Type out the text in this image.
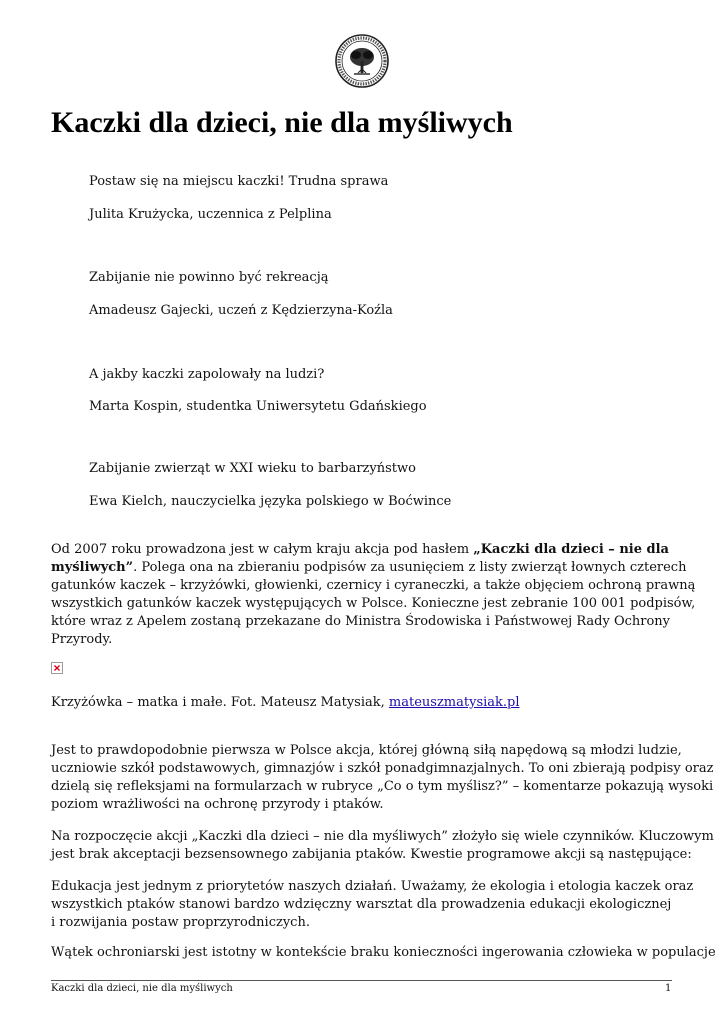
Kaczki dla dzieci, nie dla myśliwych

Postaw się na miejscu kaczki! Trudna sprawa

Julita Krużycka, uczennica z Pelplina

Zabijanie nie powinno być rekreacją

Amadeusz Gajecki, uczeń z Kędzierzyna-Koźla

A jakby kaczki zapolowały na ludzi?

Marta Kospin, studentka Uniwersytetu Gdańskiego

Zabijanie zwierząt w XXI wieku to barbarzyństwo

Ewa Kielch, nauczycielka języka polskiego w Boćwince

Od 2007 roku prowadzona jest w całym kraju akcja pod hasłem „Kaczki dla dzieci – nie dla
myśliwych”. Polega ona na zbieraniu podpisów za usunięciem z listy zwierząt łownych czterech
gatunków kaczek – krzyżówki, głowienki, czernicy i cyraneczki, a także objęciem ochroną prawną
wszystkich gatunków kaczek występujących w Polsce. Konieczne jest zebranie 100 001 podpisów,
które wraz z Apelem zostaną przekazane do Ministra Środowiska i Państwowej Rady Ochrony
Przyrody.
Krzyżówka – matka i małe. Fot. Mateusz Matysiak, mateuszmatysiak.pl
Jest to prawdopodobnie pierwsza w Polsce akcja, której główną siłą napędową są młodzi ludzie,
uczniowie szkół podstawowych, gimnazjów i szkół ponadgimnazjalnych. To oni zbierają podpisy oraz
dzielą się refleksjami na formularzach w rubryce „Co o tym myślisz?” – komentarze pokazują wysoki
poziom wrażliwości na ochronę przyrody i ptaków.
Na rozpoczęcie akcji „Kaczki dla dzieci – nie dla myśliwych” złożyło się wiele czynników. Kluczowym
jest brak akceptacji bezsensownego zabijania ptaków. Kwestie programowe akcji są następujące:
Edukacja jest jednym z priorytetów naszych działań. Uważamy, że ekologia i etologia kaczek oraz
wszystkich ptaków stanowi bardzo wdzięczny warsztat dla prowadzenia edukacji ekologicznej
i rozwijania postaw proprzyrodniczych.
Wątek ochroniarski jest istotny w kontekście braku konieczności ingerowania człowieka w populacje
Kaczki dla dzieci, nie dla myśliwych	1
